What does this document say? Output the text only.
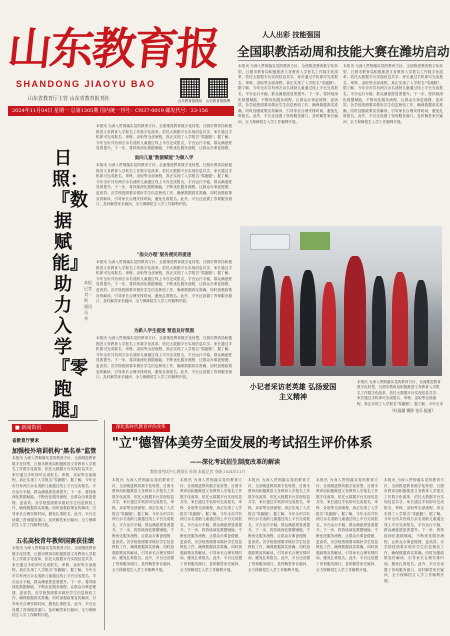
山东教育报
SHANDONG JIAOYU BAO
山东省教育厅主管 山东省教育报刊社	山东教育报微信 山东教育报微博
2024年11月04日 星期一 总第1305期 国内统一刊号：CN37-0019 邮发代号：23-156
人人出彩 技能强国
全国职教活动周和技能大赛在潍坊启动
本报讯 为深入贯彻落实党的教育方针，全面推进教育数字化转型，日照市教育局积极推进义务教育入学报名工作数字化改革，依托大数据平台实现信息共享，家长通过手机即可完成报名、审核、录取等全部流程，真正实现了入学报名"零跑腿"。据了解，今年全市共有两万余名适龄儿童通过线上平台完成报名，平台运行平稳，群众满意度显著提升。下一步，将持续深化数据赋能，不断优化服务流程，让群众办事更便捷、更高效。各学校按照要求做好学生信息核验工作，确保数据真实准确，同时加强政策宣传解读，引导家长合理安排时间，避免扎堆报名。此外，平台还设置了咨询服务窗口，及时解答家长疑问，全力保障招生入学工作顺利开展。
本报讯 为深入贯彻落实党的教育方针，全面推进教育数字化转型，日照市教育局积极推进义务教育入学报名工作数字化改革，依托大数据平台实现信息共享，家长通过手机即可完成报名、审核、录取等全部流程，真正实现了入学报名"零跑腿"。据了解，今年全市共有两万余名适龄儿童通过线上平台完成报名，平台运行平稳，群众满意度显著提升。下一步，将持续深化数据赋能，不断优化服务流程，让群众办事更便捷、更高效。各学校按照要求做好学生信息核验工作，确保数据真实准确，同时加强政策宣传解读，引导家长合理安排时间，避免扎堆报名。此外，平台还设置了咨询服务窗口，及时解答家长疑问，全力保障招生入学工作顺利开展。
本报讯 为深入贯彻落实党的教育方针，全面推进教育数字化转型，日照市教育局积极推进义务教育入学报名工作数字化改革，依托大数据平台实现信息共享，家长通过手机即可完成报名、审核、录取等全部流程，真正实现了入学报名"零跑腿"。据了解，今年全市共有两万余名适龄儿童通过线上平台完成报名，平台运行平稳，群众满意度显著提升。下一步，将持续深化数据赋能，不断优化服务流程，让群众办事更便捷、
日照：『数据赋能』助力入学『零跑腿』
本报记者 刘一鸣 通讯员 李
面向儿童"数据赋能"为顺入学
本报讯 为深入贯彻落实党的教育方针，全面推进教育数字化转型，日照市教育局积极推进义务教育入学报名工作数字化改革，依托大数据平台实现信息共享，家长通过手机即可完成报名、审核、录取等全部流程，真正实现了入学报名"零跑腿"。据了解，今年全市共有两万余名适龄儿童通过线上平台完成报名，平台运行平稳，群众满意度显著提升。下一步，将持续深化数据赋能，不断优化服务流程，让群众办事更便捷、更高效。各学校按照要求做好学生信息核验工作，确保数据真实准确，同时加强政策宣传解读，引导家长合理安排时间，避免扎堆报名。此外，平台还设置了咨询服务窗口，及时解答家长疑问，全力保障招生入学工作顺利开展。
"指尖办理"服务便民再提速
本报讯 为深入贯彻落实党的教育方针，全面推进教育数字化转型，日照市教育局积极推进义务教育入学报名工作数字化改革，依托大数据平台实现信息共享，家长通过手机即可完成报名、审核、录取等全部流程，真正实现了入学报名"零跑腿"。据了解，今年全市共有两万余名适龄儿童通过线上平台完成报名，平台运行平稳，群众满意度显著提升。下一步，将持续深化数据赋能，不断优化服务流程，让群众办事更便捷、更高效。各学校按照要求做好学生信息核验工作，确保数据真实准确，同时加强政策宣传解读，引导家长合理安排时间，避免扎堆报名。此外，平台还设置了咨询服务窗口，及时解答家长疑问，全力保障招生入学工作顺利开展。
为新入学生提速 营造良好氛围
本报讯 为深入贯彻落实党的教育方针，全面推进教育数字化转型，日照市教育局积极推进义务教育入学报名工作数字化改革，依托大数据平台实现信息共享，家长通过手机即可完成报名、审核、录取等全部流程，真正实现了入学报名"零跑腿"。据了解，今年全市共有两万余名适龄儿童通过线上平台完成报名，平台运行平稳，群众满意度显著提升。下一步，将持续深化数据赋能，不断优化服务流程，让群众办事更便捷、更高效。各学校按照要求做好学生信息核验工作，确保数据真实准确，同时加强政策宣传解读，引导家长合理安排时间，避免扎堆报名。此外，平台还设置了咨询服务窗口，及时解答家长疑问，全力保障招生入学工作顺利开展。
小记者采访老英雄 弘扬爱国主义精神
本报讯 为深入贯彻落实党的教育方针，全面推进教育数字化转型，日照市教育局积极推进义务教育入学报名工作数字化改革，依托大数据平台实现信息共享，家长通过手机即可完成报名、审核、录取等全部流程，真正实现了入学报名"零跑腿"。据了解，今年全市
（杜雨涵 摄影 张乐 报道）
■ 新闻资讯
省教育厅要求
加强校外培训机构"黑名单"监管
本报讯 为深入贯彻落实党的教育方针，全面推进教育数字化转型，日照市教育局积极推进义务教育入学报名工作数字化改革，依托大数据平台实现信息共享，家长通过手机即可完成报名、审核、录取等全部流程，真正实现了入学报名"零跑腿"。据了解，今年全市共有两万余名适龄儿童通过线上平台完成报名，平台运行平稳，群众满意度显著提升。下一步，将持续深化数据赋能，不断优化服务流程，让群众办事更便捷、更高效。各学校按照要求做好学生信息核验工作，确保数据真实准确，同时加强政策宣传解读，引导家长合理安排时间，避免扎堆报名。此外，平台还设置了咨询服务窗口，及时解答家长疑问，全力保障招生入学工作顺利开展。
五名高校青年教师国赛获佳绩
本报讯 为深入贯彻落实党的教育方针，全面推进教育数字化转型，日照市教育局积极推进义务教育入学报名工作数字化改革，依托大数据平台实现信息共享，家长通过手机即可完成报名、审核、录取等全部流程，真正实现了入学报名"零跑腿"。据了解，今年全市共有两万余名适龄儿童通过线上平台完成报名，平台运行平稳，群众满意度显著提升。下一步，将持续深化数据赋能，不断优化服务流程，让群众办事更便捷、更高效。各学校按照要求做好学生信息核验工作，确保数据真实准确，同时加强政策宣传解读，引导家长合理安排时间，避免扎堆报名。此外，平台还设置了咨询服务窗口，及时解答家长疑问，全力保障招生入学工作顺利开展。
深化新时代教育评价改革
"立"德智体美劳全面发展的考试招生评价体系
——深化考试招生制度改革的解读
教育部考试中心理事长 孙海 本报记者 李晓 2024年11月
本报讯 为深入贯彻落实党的教育方针，全面推进教育数字化转型，日照市教育局积极推进义务教育入学报名工作数字化改革，依托大数据平台实现信息共享，家长通过手机即可完成报名、审核、录取等全部流程，真正实现了入学报名"零跑腿"。据了解，今年全市共有两万余名适龄儿童通过线上平台完成报名，平台运行平稳，群众满意度显著提升。下一步，将持续深化数据赋能，不断优化服务流程，让群众办事更便捷、更高效。各学校按照要求做好学生信息核验工作，确保数据真实准确，同时加强政策宣传解读，引导家长合理安排时间，避免扎堆报名。此外，平台还设置了咨询服务窗口，及时解答家长疑问，全力保障招生入学工作顺利开展。
本报讯 为深入贯彻落实党的教育方针，全面推进教育数字化转型，日照市教育局积极推进义务教育入学报名工作数字化改革，依托大数据平台实现信息共享，家长通过手机即可完成报名、审核、录取等全部流程，真正实现了入学报名"零跑腿"。据了解，今年全市共有两万余名适龄儿童通过线上平台完成报名，平台运行平稳，群众满意度显著提升。下一步，将持续深化数据赋能，不断优化服务流程，让群众办事更便捷、更高效。各学校按照要求做好学生信息核验工作，确保数据真实准确，同时加强政策宣传解读，引导家长合理安排时间，避免扎堆报名。此外，平台还设置了咨询服务窗口，及时解答家长疑问，全力保障招生入学工作顺利开展。
本报讯 为深入贯彻落实党的教育方针，全面推进教育数字化转型，日照市教育局积极推进义务教育入学报名工作数字化改革，依托大数据平台实现信息共享，家长通过手机即可完成报名、审核、录取等全部流程，真正实现了入学报名"零跑腿"。据了解，今年全市共有两万余名适龄儿童通过线上平台完成报名，平台运行平稳，群众满意度显著提升。下一步，将持续深化数据赋能，不断优化服务流程，让群众办事更便捷、更高效。各学校按照要求做好学生信息核验工作，确保数据真实准确，同时加强政策宣传解读，引导家长合理安排时间，避免扎堆报名。此外，平台还设置了咨询服务窗口，及时解答家长疑问，全力保障招生入学工作顺利开展。
本报讯 为深入贯彻落实党的教育方针，全面推进教育数字化转型，日照市教育局积极推进义务教育入学报名工作数字化改革，依托大数据平台实现信息共享，家长通过手机即可完成报名、审核、录取等全部流程，真正实现了入学报名"零跑腿"。据了解，今年全市共有两万余名适龄儿童通过线上平台完成报名，平台运行平稳，群众满意度显著提升。下一步，将持续深化数据赋能，不断优化服务流程，让群众办事更便捷、更高效。各学校按照要求做好学生信息核验工作，确保数据真实准确，同时加强政策宣传解读，引导家长合理安排时间，避免扎堆报名。此外，平台还设置了咨询服务窗口，及时解答家长疑问，全力保障招生入学工作顺利开展。
本报讯 为深入贯彻落实党的教育方针，全面推进教育数字化转型，日照市教育局积极推进义务教育入学报名工作数字化改革，依托大数据平台实现信息共享，家长通过手机即可完成报名、审核、录取等全部流程，真正实现了入学报名"零跑腿"。据了解，今年全市共有两万余名适龄儿童通过线上平台完成报名，平台运行平稳，群众满意度显著提升。下一步，将持续深化数据赋能，不断优化服务流程，让群众办事更便捷、更高效。各学校按照要求做好学生信息核验工作，确保数据真实准确，同时加强政策宣传解读，引导家长合理安排时间，避免扎堆报名。此外，平台还设置了咨询服务窗口，及时解答家长疑问，全力保障招生入学工作顺利开展。
